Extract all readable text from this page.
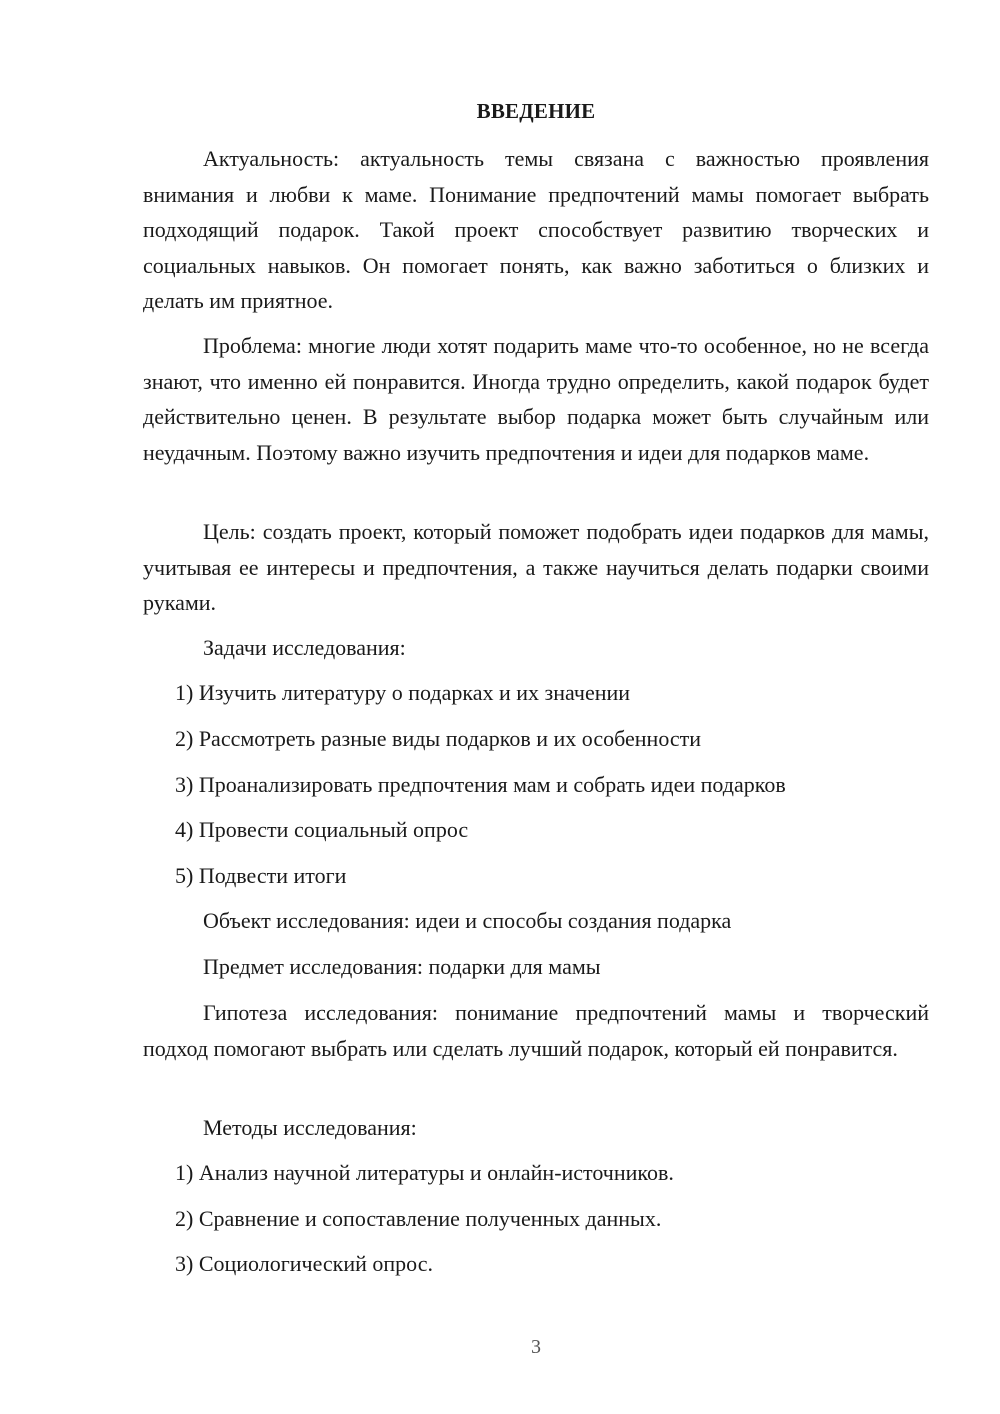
ВВЕДЕНИЕ

Актуальность: актуальность темы связана с важностью проявления внимания и любви к маме. Понимание предпочтений мамы помогает выбрать подходящий подарок. Такой проект способствует развитию творческих и социальных навыков. Он помогает понять, как важно заботиться о близких и делать им приятное.

Проблема: многие люди хотят подарить маме что-то особенное, но не всегда знают, что именно ей понравится. Иногда трудно определить, какой подарок будет действительно ценен. В результате выбор подарка может быть случайным или неудачным. Поэтому важно изучить предпочтения и идеи для подарков маме.

Цель: создать проект, который поможет подобрать идеи подарков для мамы, учитывая ее интересы и предпочтения, а также научиться делать подарки своими руками.

Задачи исследования:

1) Изучить литературу о подарках и их значении

2) Рассмотреть разные виды подарков и их особенности

3) Проанализировать предпочтения мам и собрать идеи подарков

4) Провести социальный опрос

5) Подвести итоги

Объект исследования: идеи и способы создания подарка

Предмет исследования: подарки для мамы

Гипотеза исследования: понимание предпочтений мамы и творческий подход помогают выбрать или сделать лучший подарок, который ей понравится.

Методы исследования:

1) Анализ научной литературы и онлайн-источников.

2) Сравнение и сопоставление полученных данных.

3) Социологический опрос.

3
